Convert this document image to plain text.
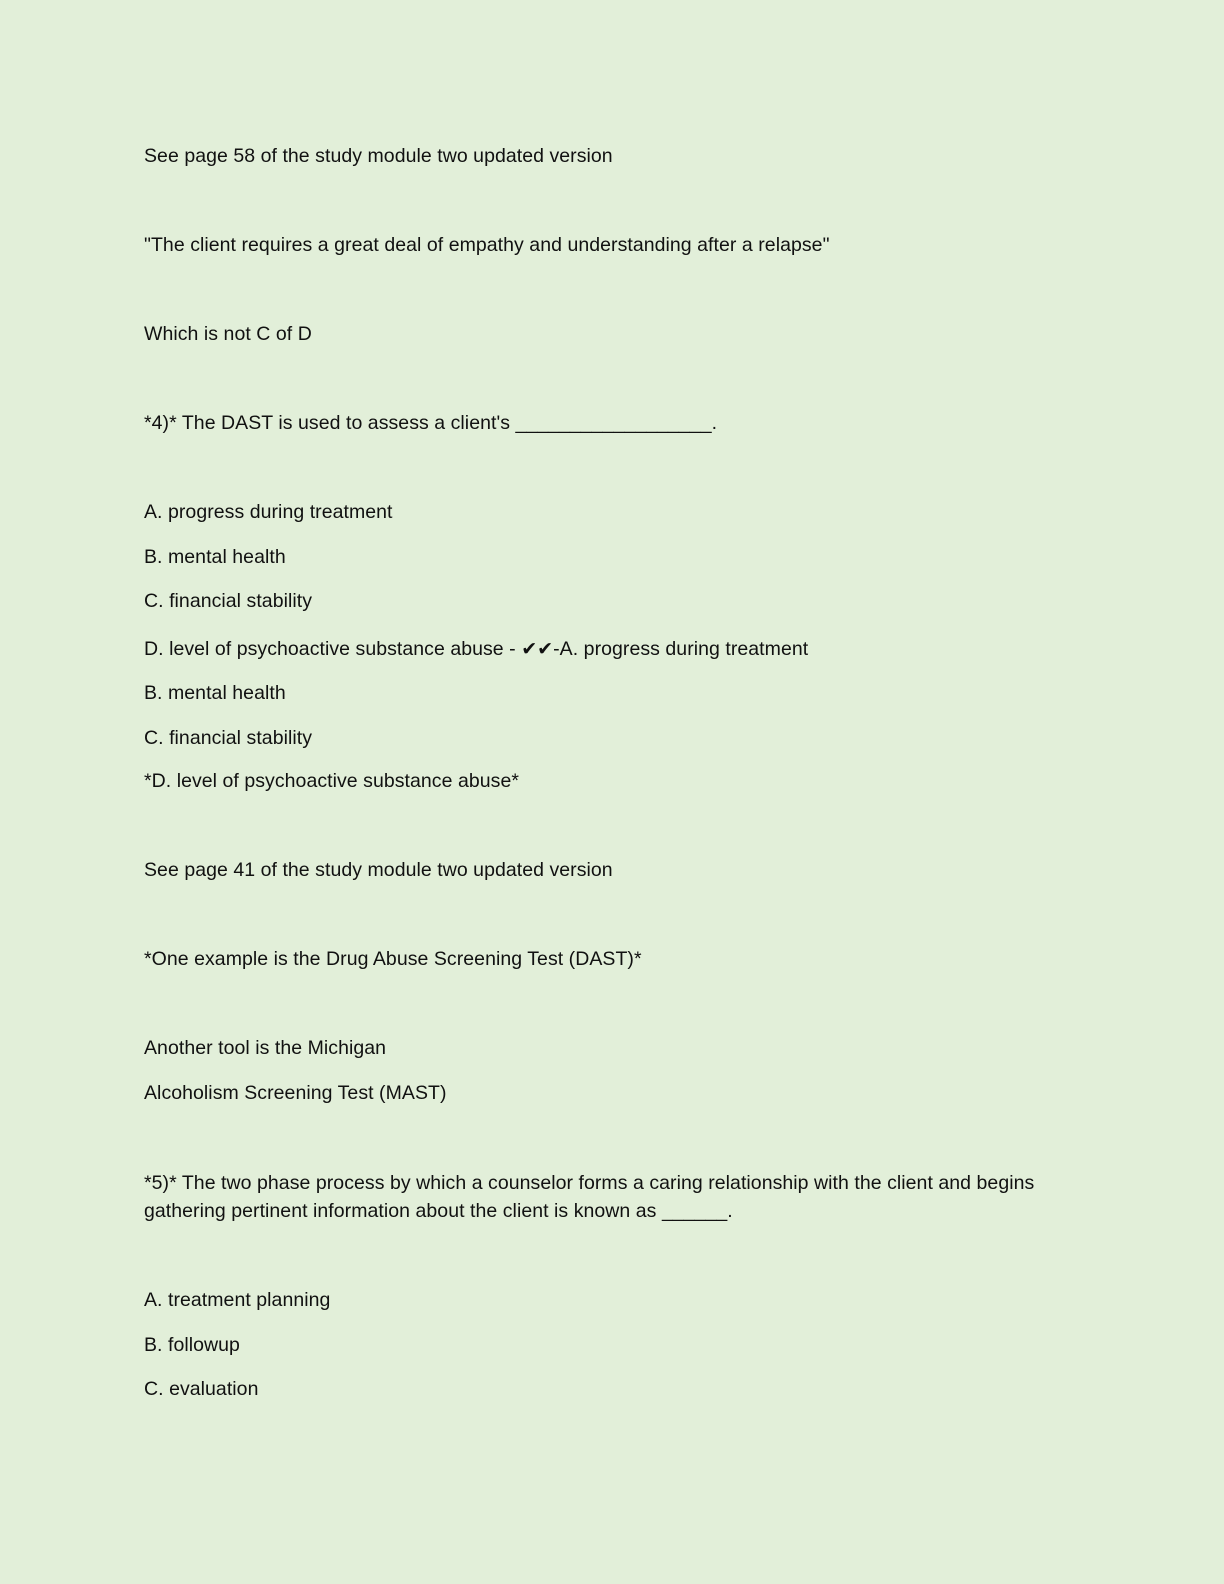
See page 58 of the study module two updated version
"The client requires a great deal of empathy and understanding after a relapse"
Which is not C of D
*4)* The DAST is used to assess a client's __________________.
A. progress during treatment
B. mental health
C. financial stability
D. level of psychoactive substance abuse - ✔✔-A. progress during treatment
B. mental health
C. financial stability
*D. level of psychoactive substance abuse*
See page 41 of the study module two updated version
*One example is the Drug Abuse Screening Test (DAST)*
Another tool is the Michigan
Alcoholism Screening Test (MAST)
*5)* The two phase process by which a counselor forms a caring relationship with the client and begins gathering pertinent information about the client is known as ______.
A. treatment planning
B. followup
C. evaluation
